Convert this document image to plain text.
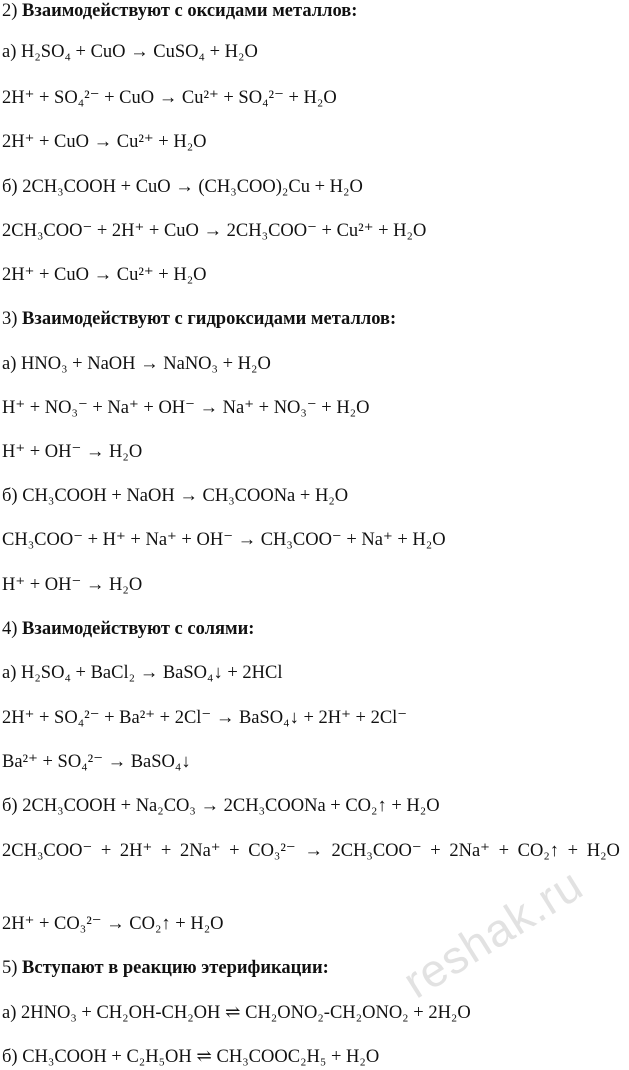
2) Взаимодействуют с оксидами металлов:
а) H₂SO₄ + CuO → CuSO₄ + H₂O
2H⁺ + SO₄²⁻ + CuO → Cu²⁺ + SO₄²⁻ + H₂O
2H⁺ + CuO → Cu²⁺ + H₂O
б) 2CH₃COOH + CuO → (CH₃COO)₂Cu + H₂O
2CH₃COO⁻ + 2H⁺ + CuO → 2CH₃COO⁻ + Cu²⁺ + H₂O
2H⁺ + CuO → Cu²⁺ + H₂O
3) Взаимодействуют с гидроксидами металлов:
а) HNO₃ + NaOH → NaNO₃ + H₂O
H⁺ + NO₃⁻ + Na⁺ + OH⁻ → Na⁺ + NO₃⁻ + H₂O
H⁺ + OH⁻ → H₂O
б) CH₃COOH + NaOH → CH₃COONa + H₂O
CH₃COO⁻ + H⁺ + Na⁺ + OH⁻ → CH₃COO⁻ + Na⁺ + H₂O
H⁺ + OH⁻ → H₂O
4) Взаимодействуют с солями:
а) H₂SO₄ + BaCl₂ → BaSO₄↓ + 2HCl
2H⁺ + SO₄²⁻ + Ba²⁺ + 2Cl⁻ → BaSO₄↓ + 2H⁺ + 2Cl⁻
Ba²⁺ + SO₄²⁻ → BaSO₄↓
б) 2CH₃COOH + Na₂CO₃ → 2CH₃COONa + CO₂↑ + H₂O
2CH₃COO⁻ + 2H⁺ + 2Na⁺ + CO₃²⁻ → 2CH₃COO⁻ + 2Na⁺ + CO₂↑ + H₂O
2H⁺ + CO₃²⁻ → CO₂↑ + H₂O
5) Вступают в реакцию этерификации:
а) 2HNO₃ + CH₂OH-CH₂OH ⇌ CH₂ONO₂-CH₂ONO₂ + 2H₂O
б) CH₃COOH + C₂H₅OH ⇌ CH₃COOC₂H₅ + H₂O
reshak.ru
